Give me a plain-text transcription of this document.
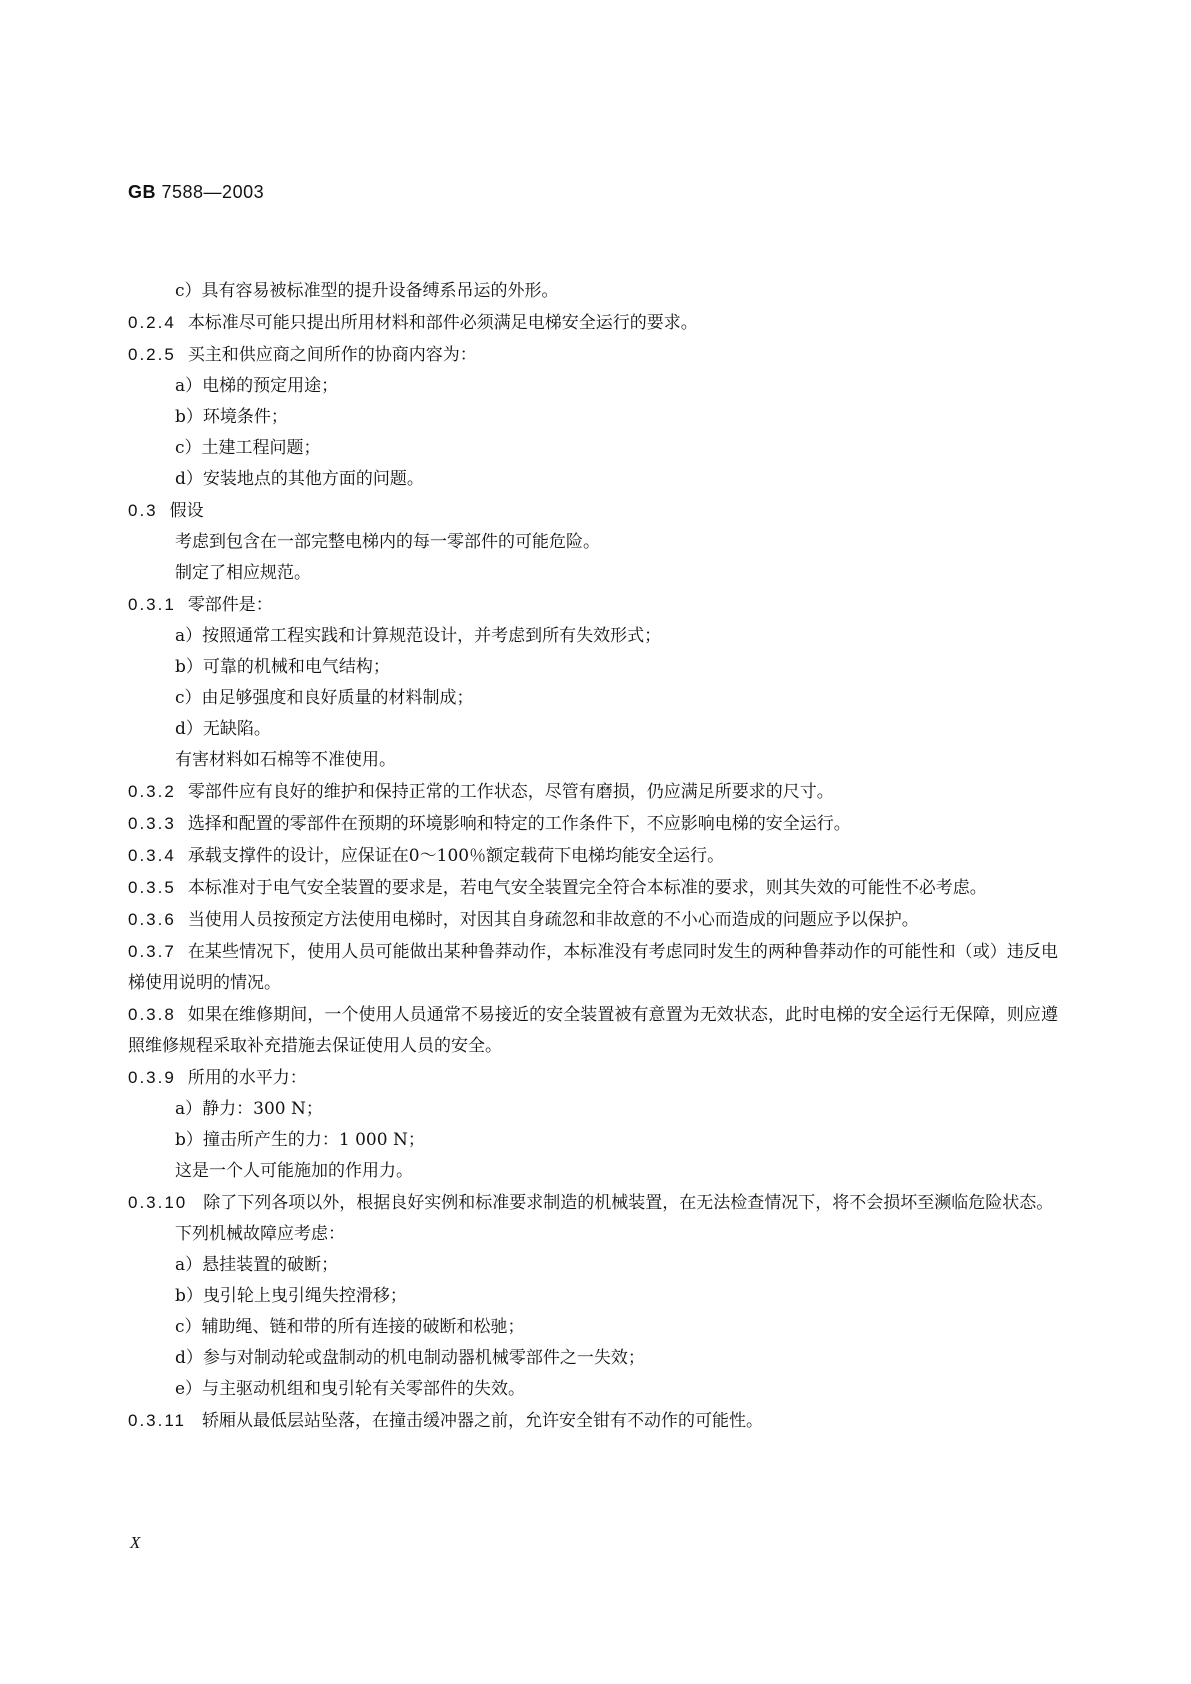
GB 7588—2003
c）具有容易被标准型的提升设备缚系吊运的外形。
0.2.4 本标准尽可能只提出所用材料和部件必须满足电梯安全运行的要求。
0.2.5 买主和供应商之间所作的协商内容为：
a）电梯的预定用途；
b）环境条件；
c）土建工程问题；
d）安装地点的其他方面的问题。
0.3 假设
考虑到包含在一部完整电梯内的每一零部件的可能危险。
制定了相应规范。
0.3.1 零部件是：
a）按照通常工程实践和计算规范设计，并考虑到所有失效形式；
b）可靠的机械和电气结构；
c）由足够强度和良好质量的材料制成；
d）无缺陷。
有害材料如石棉等不准使用。
0.3.2 零部件应有良好的维护和保持正常的工作状态，尽管有磨损，仍应满足所要求的尺寸。
0.3.3 选择和配置的零部件在预期的环境影响和特定的工作条件下，不应影响电梯的安全运行。
0.3.4 承载支撑件的设计，应保证在0～100％额定载荷下电梯均能安全运行。
0.3.5 本标准对于电气安全装置的要求是，若电气安全装置完全符合本标准的要求，则其失效的可能性不必考虑。
0.3.6 当使用人员按预定方法使用电梯时，对因其自身疏忽和非故意的不小心而造成的问题应予以保护。
0.3.7 在某些情况下，使用人员可能做出某种鲁莽动作，本标准没有考虑同时发生的两种鲁莽动作的可能性和（或）违反电梯使用说明的情况。
0.3.8 如果在维修期间，一个使用人员通常不易接近的安全装置被有意置为无效状态，此时电梯的安全运行无保障，则应遵照维修规程采取补充措施去保证使用人员的安全。
0.3.9 所用的水平力：
a）静力：300 N；
b）撞击所产生的力：1 000 N；
这是一个人可能施加的作用力。
0.3.10 除了下列各项以外，根据良好实例和标准要求制造的机械装置，在无法检查情况下，将不会损坏至濒临危险状态。
下列机械故障应考虑：
a）悬挂装置的破断；
b）曳引轮上曳引绳失控滑移；
c）辅助绳、链和带的所有连接的破断和松驰；
d）参与对制动轮或盘制动的机电制动器机械零部件之一失效；
e）与主驱动机组和曳引轮有关零部件的失效。
0.3.11 轿厢从最低层站坠落，在撞击缓冲器之前，允许安全钳有不动作的可能性。
X
